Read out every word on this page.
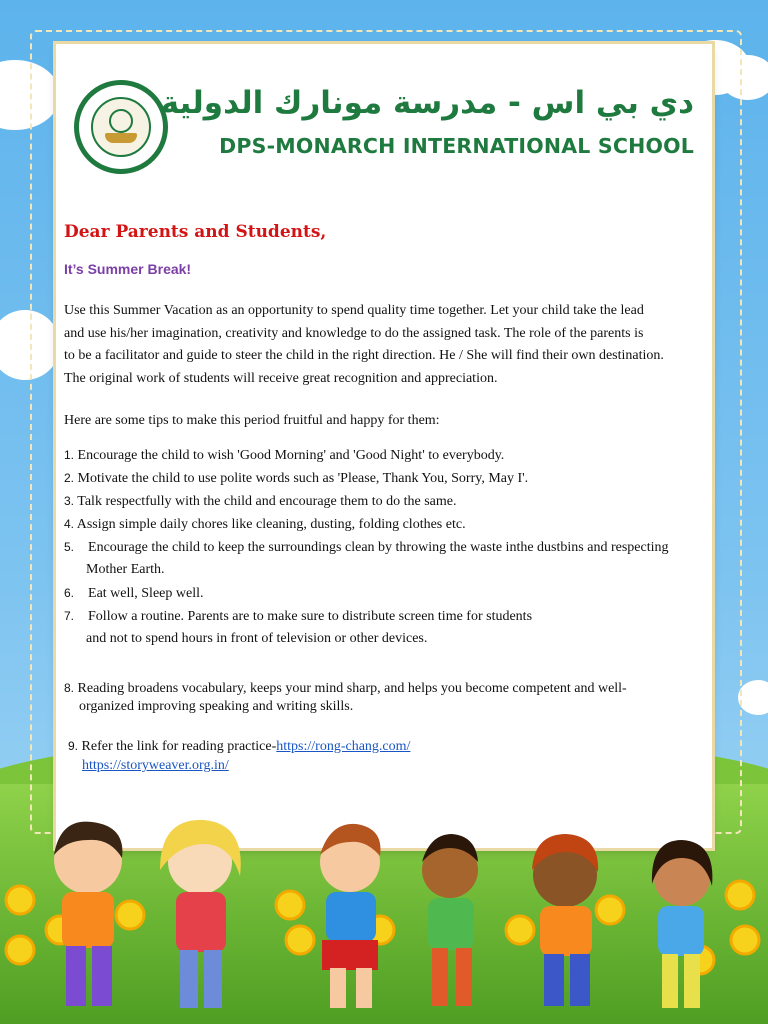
دي بي اس - مدرسة مونارك الدولية
DPS-MONARCH INTERNATIONAL SCHOOL
Dear Parents and Students,
It’s Summer Break!
Use this Summer Vacation as an opportunity to spend quality time together. Let your child take the lead
and use his/her imagination, creativity and knowledge to do the assigned task. The role of the parents is
to be a facilitator and guide to steer the child in the right direction. He / She will find their own destination.
The original work of students will receive great recognition and appreciation.
Here are some tips to make this period fruitful and happy for them:
1. Encourage the child to wish 'Good Morning' and 'Good Night' to everybody.
2. Motivate the child to use polite words such as 'Please, Thank You, Sorry, May I'.
3. Talk respectfully with the child and encourage them to do the same.
4. Assign simple daily chores like cleaning, dusting, folding clothes etc.
5. Encourage the child to keep the surroundings clean by throwing the waste inthe dustbins and respecting
Mother Earth.
6. Eat well, Sleep well.
7. Follow a routine. Parents are to make sure to distribute screen time for students
and not to spend hours in front of television or other devices.
8. Reading broadens vocabulary, keeps your mind sharp, and helps you become competent and well-
organized improving speaking and writing skills.
9. Refer the link for reading practice-https://rong-chang.com/
https://storyweaver.org.in/
